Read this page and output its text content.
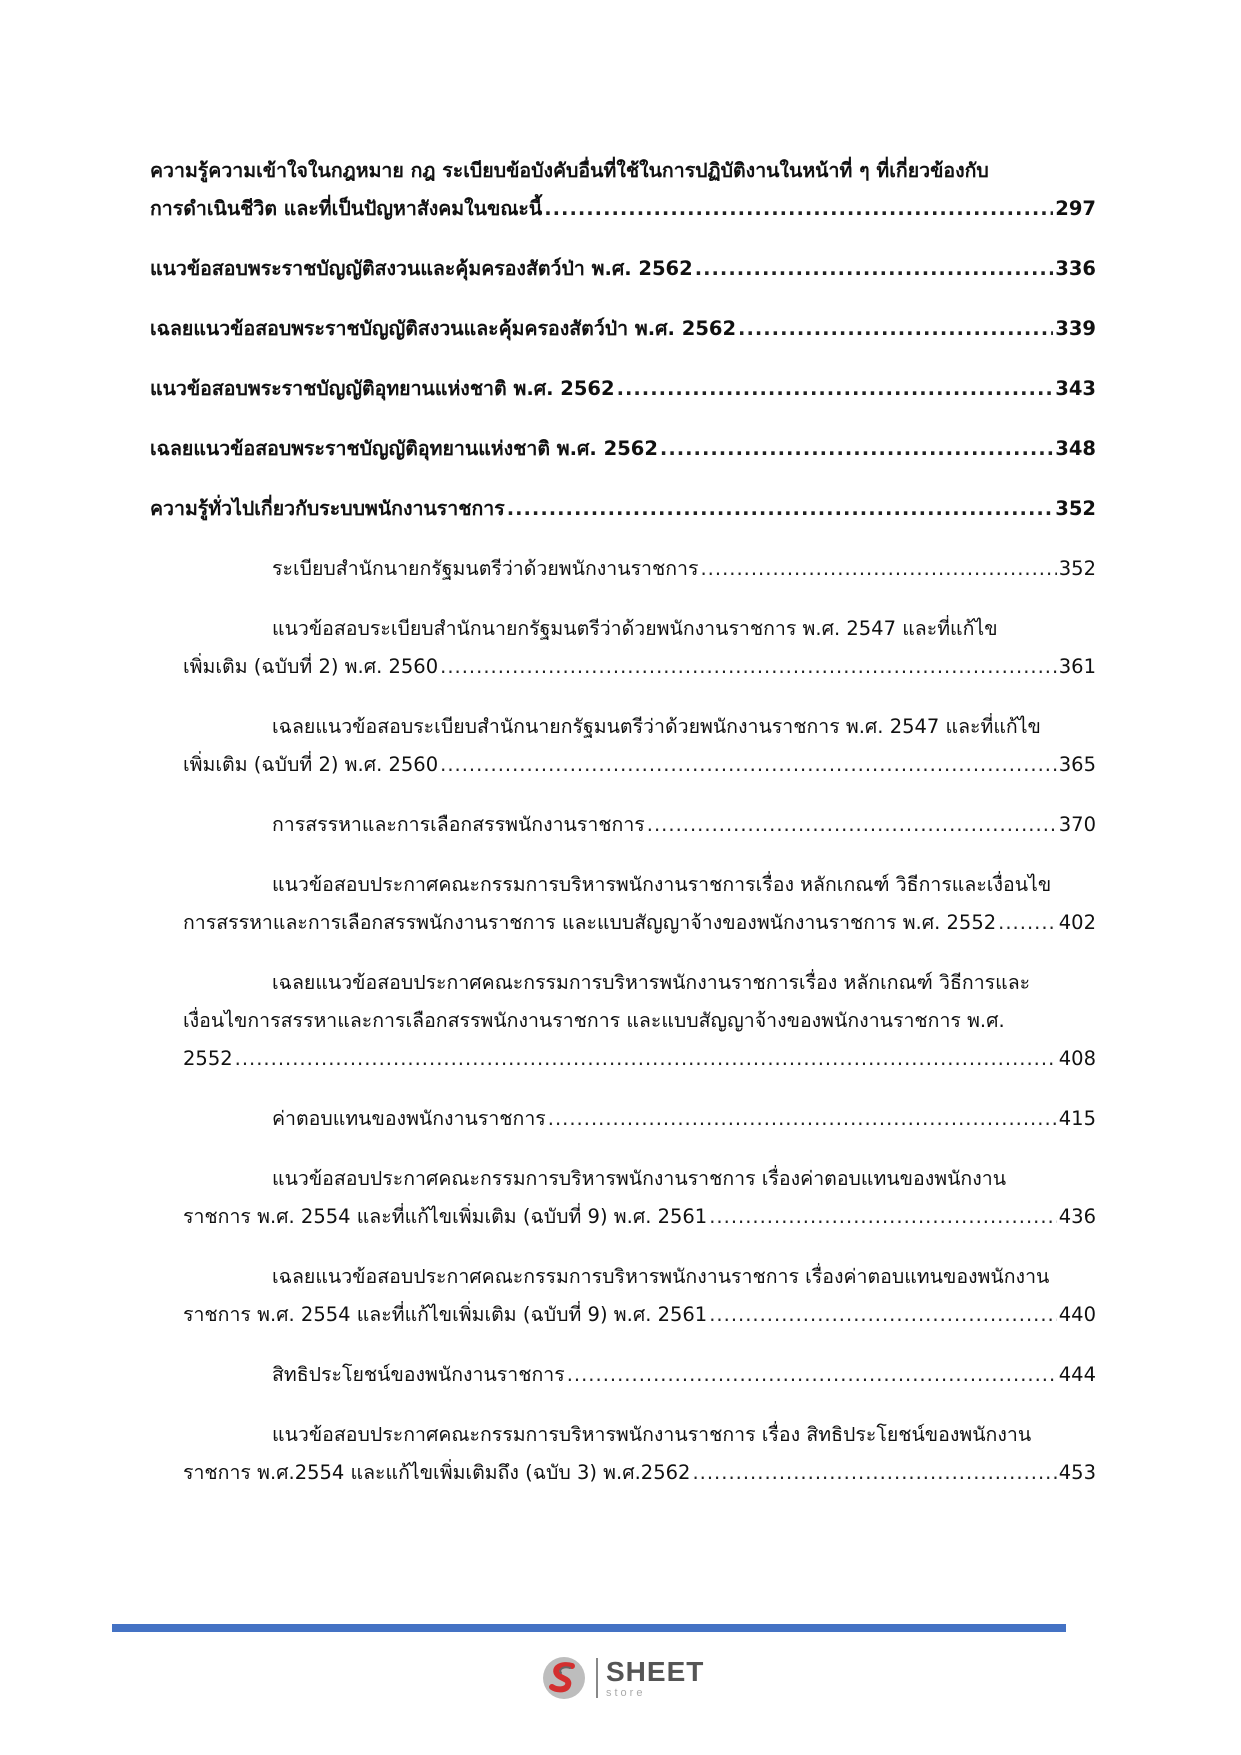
ความรู้ความเข้าใจในกฎหมาย กฎ ระเบียบข้อบังคับอื่นที่ใช้ในการปฏิบัติงานในหน้าที่ ๆ ที่เกี่ยวข้องกับ
การดำเนินชีวิต และที่เป็นปัญหาสังคมในขณะนี้ .....	297
แนวข้อสอบพระราชบัญญัติสงวนและคุ้มครองสัตว์ป่า พ.ศ. 2562 .....	336
เฉลยแนวข้อสอบพระราชบัญญัติสงวนและคุ้มครองสัตว์ป่า พ.ศ. 2562 .....	339
แนวข้อสอบพระราชบัญญัติอุทยานแห่งชาติ พ.ศ. 2562 .....	343
เฉลยแนวข้อสอบพระราชบัญญัติอุทยานแห่งชาติ พ.ศ. 2562 .....	348
ความรู้ทั่วไปเกี่ยวกับระบบพนักงานราชการ .....	352
ระเบียบสำนักนายกรัฐมนตรีว่าด้วยพนักงานราชการ .....	352
แนวข้อสอบระเบียบสำนักนายกรัฐมนตรีว่าด้วยพนักงานราชการ พ.ศ. 2547 และที่แก้ไข
เพิ่มเติม (ฉบับที่ 2) พ.ศ. 2560 .....	361
เฉลยแนวข้อสอบระเบียบสำนักนายกรัฐมนตรีว่าด้วยพนักงานราชการ พ.ศ. 2547 และที่แก้ไข
เพิ่มเติม (ฉบับที่ 2) พ.ศ. 2560 .....	365
การสรรหาและการเลือกสรรพนักงานราชการ .....	370
แนวข้อสอบประกาศคณะกรรมการบริหารพนักงานราชการเรื่อง หลักเกณฑ์ วิธีการและเงื่อนไข
การสรรหาและการเลือกสรรพนักงานราชการ และแบบสัญญาจ้างของพนักงานราชการ พ.ศ. 2552 .....	402
เฉลยแนวข้อสอบประกาศคณะกรรมการบริหารพนักงานราชการเรื่อง หลักเกณฑ์ วิธีการและ
เงื่อนไขการสรรหาและการเลือกสรรพนักงานราชการ และแบบสัญญาจ้างของพนักงานราชการ พ.ศ.
2552 .....	408
ค่าตอบแทนของพนักงานราชการ .....	415
แนวข้อสอบประกาศคณะกรรมการบริหารพนักงานราชการ เรื่องค่าตอบแทนของพนักงาน
ราชการ พ.ศ. 2554 และที่แก้ไขเพิ่มเติม (ฉบับที่ 9) พ.ศ. 2561 .....	436
เฉลยแนวข้อสอบประกาศคณะกรรมการบริหารพนักงานราชการ เรื่องค่าตอบแทนของพนักงาน
ราชการ พ.ศ. 2554 และที่แก้ไขเพิ่มเติม (ฉบับที่ 9) พ.ศ. 2561 .....	440
สิทธิประโยชน์ของพนักงานราชการ .....	444
แนวข้อสอบประกาศคณะกรรมการบริหารพนักงานราชการ เรื่อง สิทธิประโยชน์ของพนักงาน
ราชการ พ.ศ.2554 และแก้ไขเพิ่มเติมถึง (ฉบับ 3) พ.ศ.2562 .....	453
SHEET
store
